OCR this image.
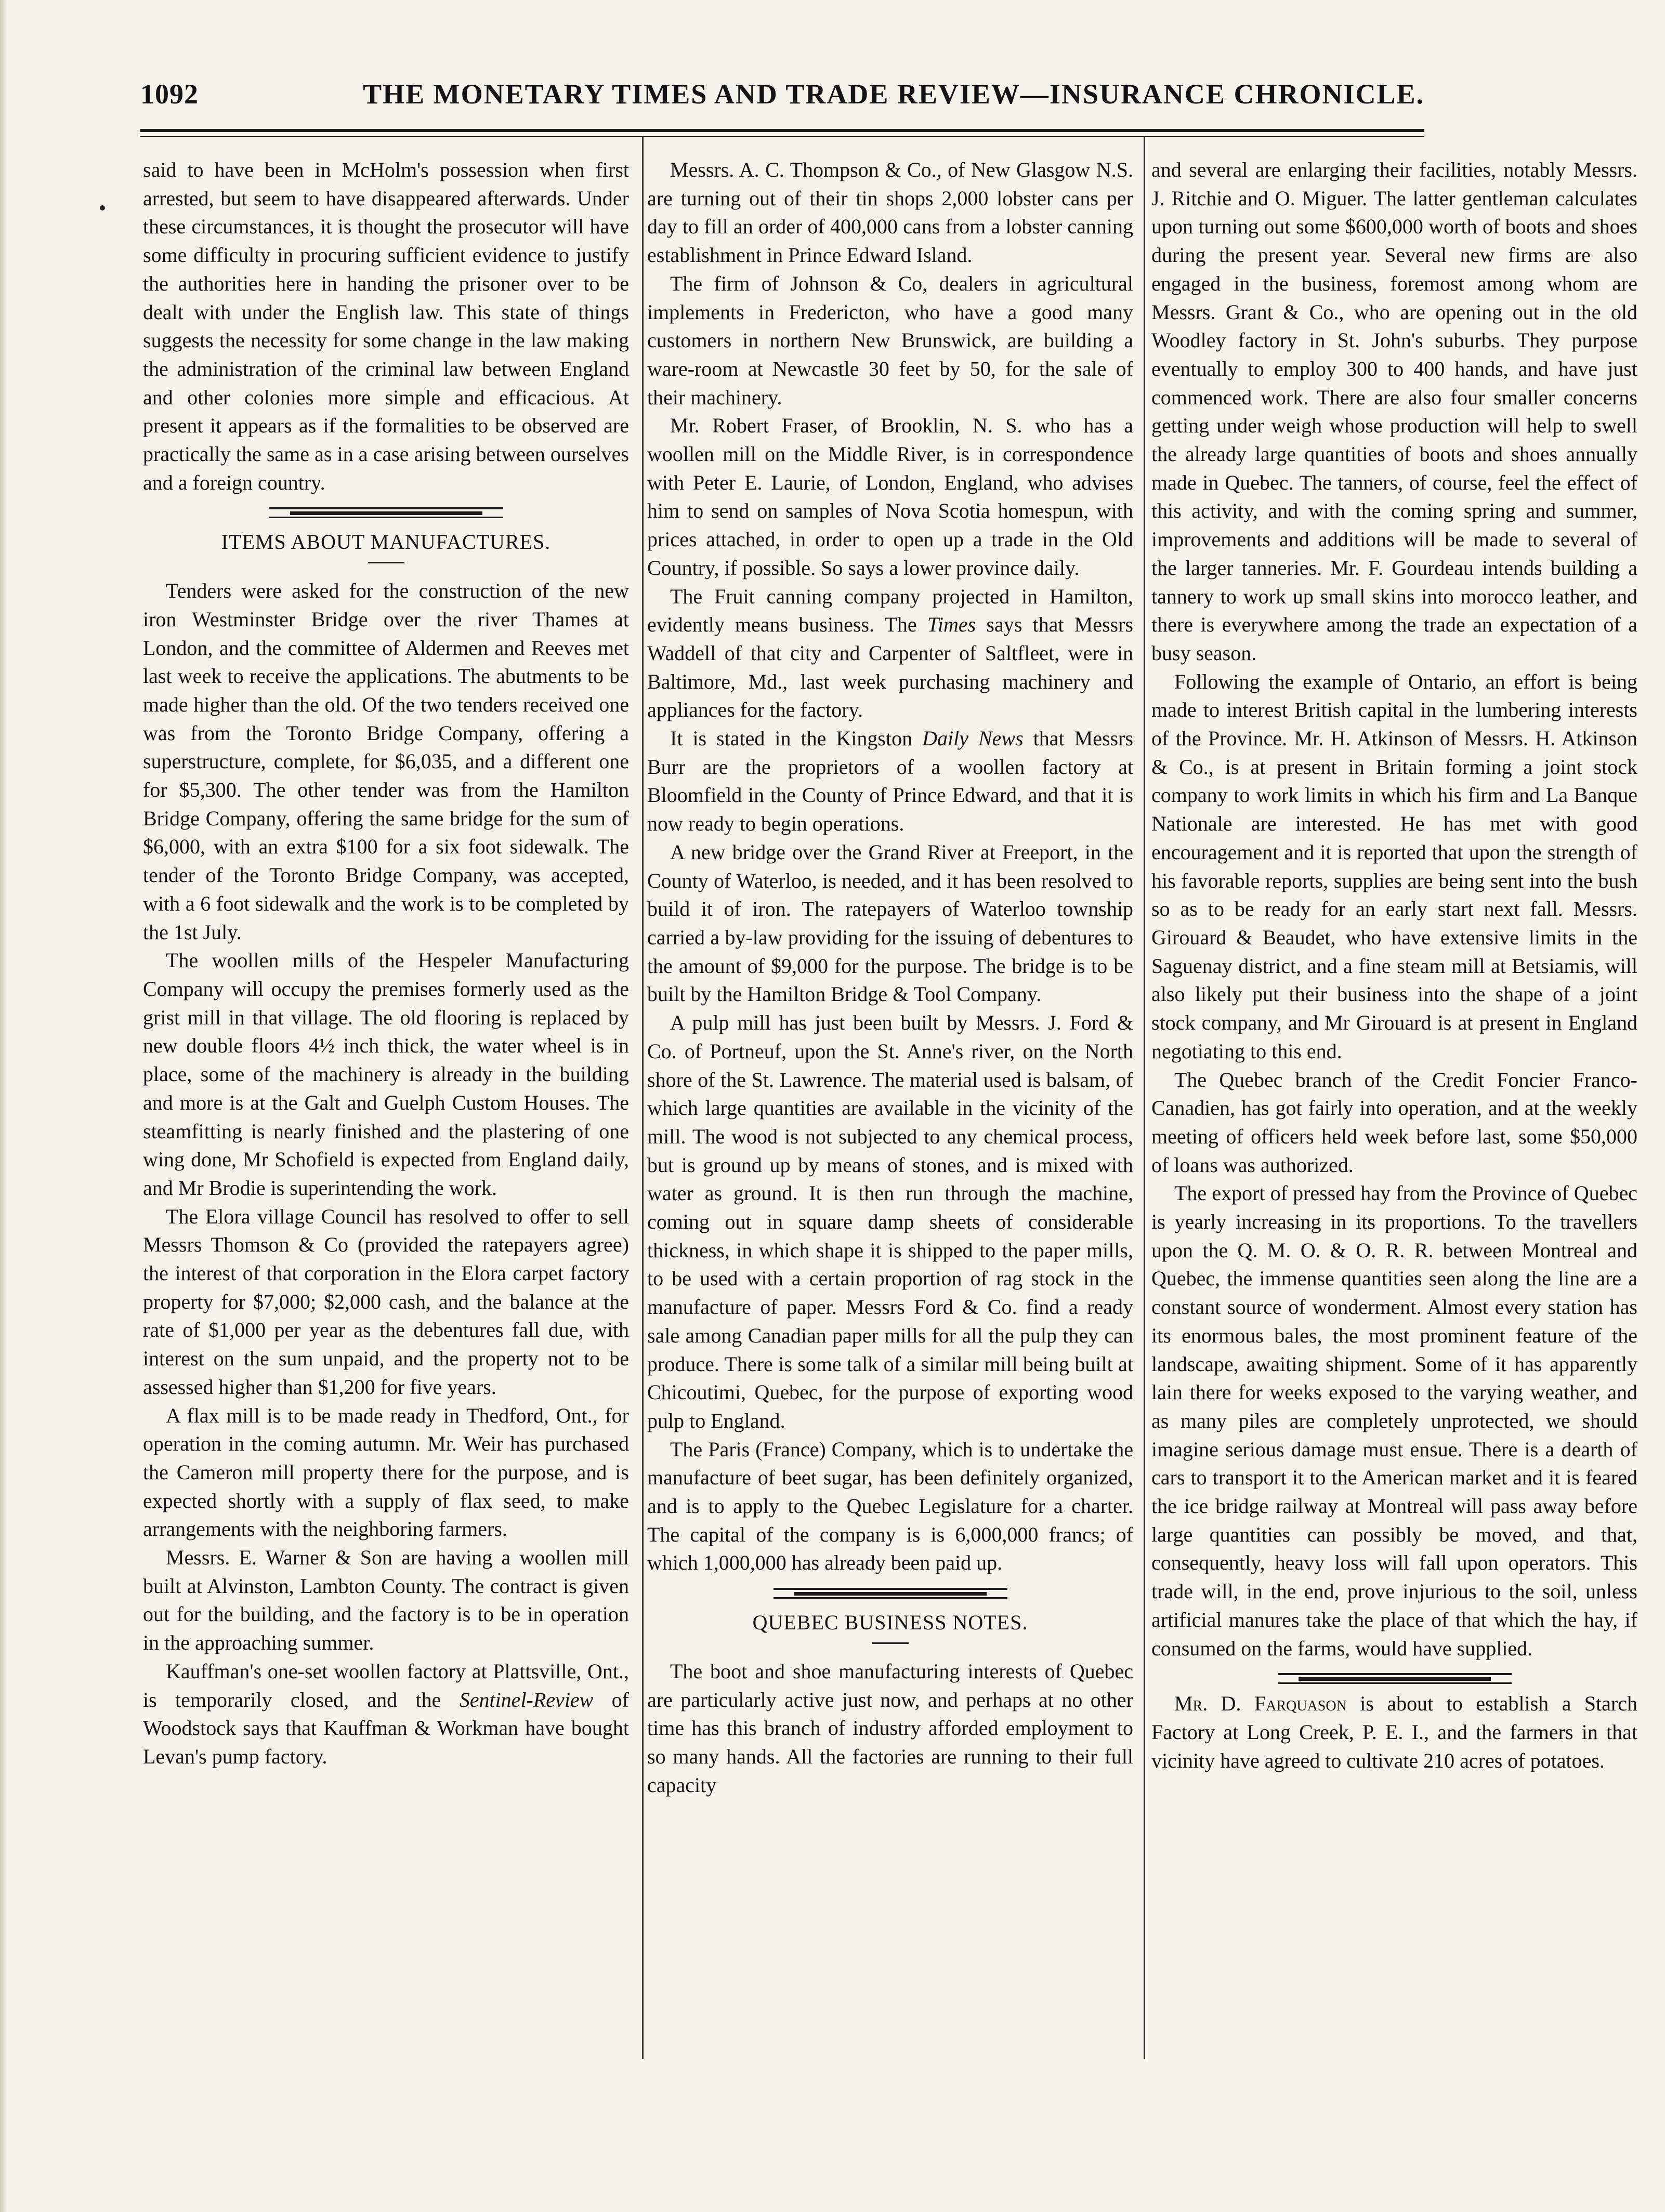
1092	THE MONETARY TIMES AND TRADE REVIEW—INSURANCE CHRONICLE.

said to have been in McHolm's possession when first arrested, but seem to have disappeared afterwards. Under these circumstances, it is thought the prosecutor will have some difficulty in procuring sufficient evidence to justify the authorities here in handing the prisoner over to be dealt with under the English law. This state of things suggests the necessity for some change in the law making the administration of the criminal law between England and other colonies more simple and efficacious. At present it appears as if the formalities to be observed are practically the same as in a case arising between ourselves and a foreign country.

ITEMS ABOUT MANUFACTURES.

Tenders were asked for the construction of the new iron Westminster Bridge over the river Thames at London, and the committee of Aldermen and Reeves met last week to receive the applications. The abutments to be made higher than the old. Of the two tenders received one was from the Toronto Bridge Company, offering a superstructure, complete, for $6,035, and a different one for $5,300. The other tender was from the Hamilton Bridge Company, offering the same bridge for the sum of $6,000, with an extra $100 for a six foot sidewalk. The tender of the Toronto Bridge Company, was accepted, with a 6 foot sidewalk and the work is to be completed by the 1st July.

The woollen mills of the Hespeler Manufacturing Company will occupy the premises formerly used as the grist mill in that village. The old flooring is replaced by new double floors 4½ inch thick, the water wheel is in place, some of the machinery is already in the building and more is at the Galt and Guelph Custom Houses. The steamfitting is nearly finished and the plastering of one wing done, Mr Schofield is expected from England daily, and Mr Brodie is superintending the work.

The Elora village Council has resolved to offer to sell Messrs Thomson & Co (provided the ratepayers agree) the interest of that corporation in the Elora carpet factory property for $7,000; $2,000 cash, and the balance at the rate of $1,000 per year as the debentures fall due, with interest on the sum unpaid, and the property not to be assessed higher than $1,200 for five years.

A flax mill is to be made ready in Thedford, Ont., for operation in the coming autumn. Mr. Weir has purchased the Cameron mill property there for the purpose, and is expected shortly with a supply of flax seed, to make arrangements with the neighboring farmers.

Messrs. E. Warner & Son are having a woollen mill built at Alvinston, Lambton County. The contract is given out for the building, and the factory is to be in operation in the approaching summer.

Kauffman's one-set woollen factory at Plattsville, Ont., is temporarily closed, and the Sentinel-Review of Woodstock says that Kauffman & Workman have bought Levan's pump factory.

Messrs. A. C. Thompson & Co., of New Glasgow N.S. are turning out of their tin shops 2,000 lobster cans per day to fill an order of 400,000 cans from a lobster canning establishment in Prince Edward Island.

The firm of Johnson & Co, dealers in agricultural implements in Fredericton, who have a good many customers in northern New Brunswick, are building a ware-room at Newcastle 30 feet by 50, for the sale of their machinery.

Mr. Robert Fraser, of Brooklin, N. S. who has a woollen mill on the Middle River, is in correspondence with Peter E. Laurie, of London, England, who advises him to send on samples of Nova Scotia homespun, with prices attached, in order to open up a trade in the Old Country, if possible. So says a lower province daily.

The Fruit canning company projected in Hamilton, evidently means business. The Times says that Messrs Waddell of that city and Carpenter of Saltfleet, were in Baltimore, Md., last week purchasing machinery and appliances for the factory.

It is stated in the Kingston Daily News that Messrs Burr are the proprietors of a woollen factory at Bloomfield in the County of Prince Edward, and that it is now ready to begin operations.

A new bridge over the Grand River at Freeport, in the County of Waterloo, is needed, and it has been resolved to build it of iron. The ratepayers of Waterloo township carried a by-law providing for the issuing of debentures to the amount of $9,000 for the purpose. The bridge is to be built by the Hamilton Bridge & Tool Company.

A pulp mill has just been built by Messrs. J. Ford & Co. of Portneuf, upon the St. Anne's river, on the North shore of the St. Lawrence. The material used is balsam, of which large quantities are available in the vicinity of the mill. The wood is not subjected to any chemical process, but is ground up by means of stones, and is mixed with water as ground. It is then run through the machine, coming out in square damp sheets of considerable thickness, in which shape it is shipped to the paper mills, to be used with a certain proportion of rag stock in the manufacture of paper. Messrs Ford & Co. find a ready sale among Canadian paper mills for all the pulp they can produce. There is some talk of a similar mill being built at Chicoutimi, Quebec, for the purpose of exporting wood pulp to England.

The Paris (France) Company, which is to undertake the manufacture of beet sugar, has been definitely organized, and is to apply to the Quebec Legislature for a charter. The capital of the company is is 6,000,000 francs; of which 1,000,000 has already been paid up.

QUEBEC BUSINESS NOTES.

The boot and shoe manufacturing interests of Quebec are particularly active just now, and perhaps at no other time has this branch of industry afforded employment to so many hands. All the factories are running to their full capacity

and several are enlarging their facilities, notably Messrs. J. Ritchie and O. Miguer. The latter gentleman calculates upon turning out some $600,000 worth of boots and shoes during the present year. Several new firms are also engaged in the business, foremost among whom are Messrs. Grant & Co., who are opening out in the old Woodley factory in St. John's suburbs. They purpose eventually to employ 300 to 400 hands, and have just commenced work. There are also four smaller concerns getting under weigh whose production will help to swell the already large quantities of boots and shoes annually made in Quebec. The tanners, of course, feel the effect of this activity, and with the coming spring and summer, improvements and additions will be made to several of the larger tanneries. Mr. F. Gourdeau intends building a tannery to work up small skins into morocco leather, and there is everywhere among the trade an expectation of a busy season.

Following the example of Ontario, an effort is being made to interest British capital in the lumbering interests of the Province. Mr. H. Atkinson of Messrs. H. Atkinson & Co., is at present in Britain forming a joint stock company to work limits in which his firm and La Banque Nationale are interested. He has met with good encouragement and it is reported that upon the strength of his favorable reports, supplies are being sent into the bush so as to be ready for an early start next fall. Messrs. Girouard & Beaudet, who have extensive limits in the Saguenay district, and a fine steam mill at Betsiamis, will also likely put their business into the shape of a joint stock company, and Mr Girouard is at present in England negotiating to this end.

The Quebec branch of the Credit Foncier Franco-Canadien, has got fairly into operation, and at the weekly meeting of officers held week before last, some $50,000 of loans was authorized.

The export of pressed hay from the Province of Quebec is yearly increasing in its proportions. To the travellers upon the Q. M. O. & O. R. R. between Montreal and Quebec, the immense quantities seen along the line are a constant source of wonderment. Almost every station has its enormous bales, the most prominent feature of the landscape, awaiting shipment. Some of it has apparently lain there for weeks exposed to the varying weather, and as many piles are completely unprotected, we should imagine serious damage must ensue. There is a dearth of cars to transport it to the American market and it is feared the ice bridge railway at Montreal will pass away before large quantities can possibly be moved, and that, consequently, heavy loss will fall upon operators. This trade will, in the end, prove injurious to the soil, unless artificial manures take the place of that which the hay, if consumed on the farms, would have supplied.

Mr. D. Farquason is about to establish a Starch Factory at Long Creek, P. E. I., and the farmers in that vicinity have agreed to cultivate 210 acres of potatoes.
